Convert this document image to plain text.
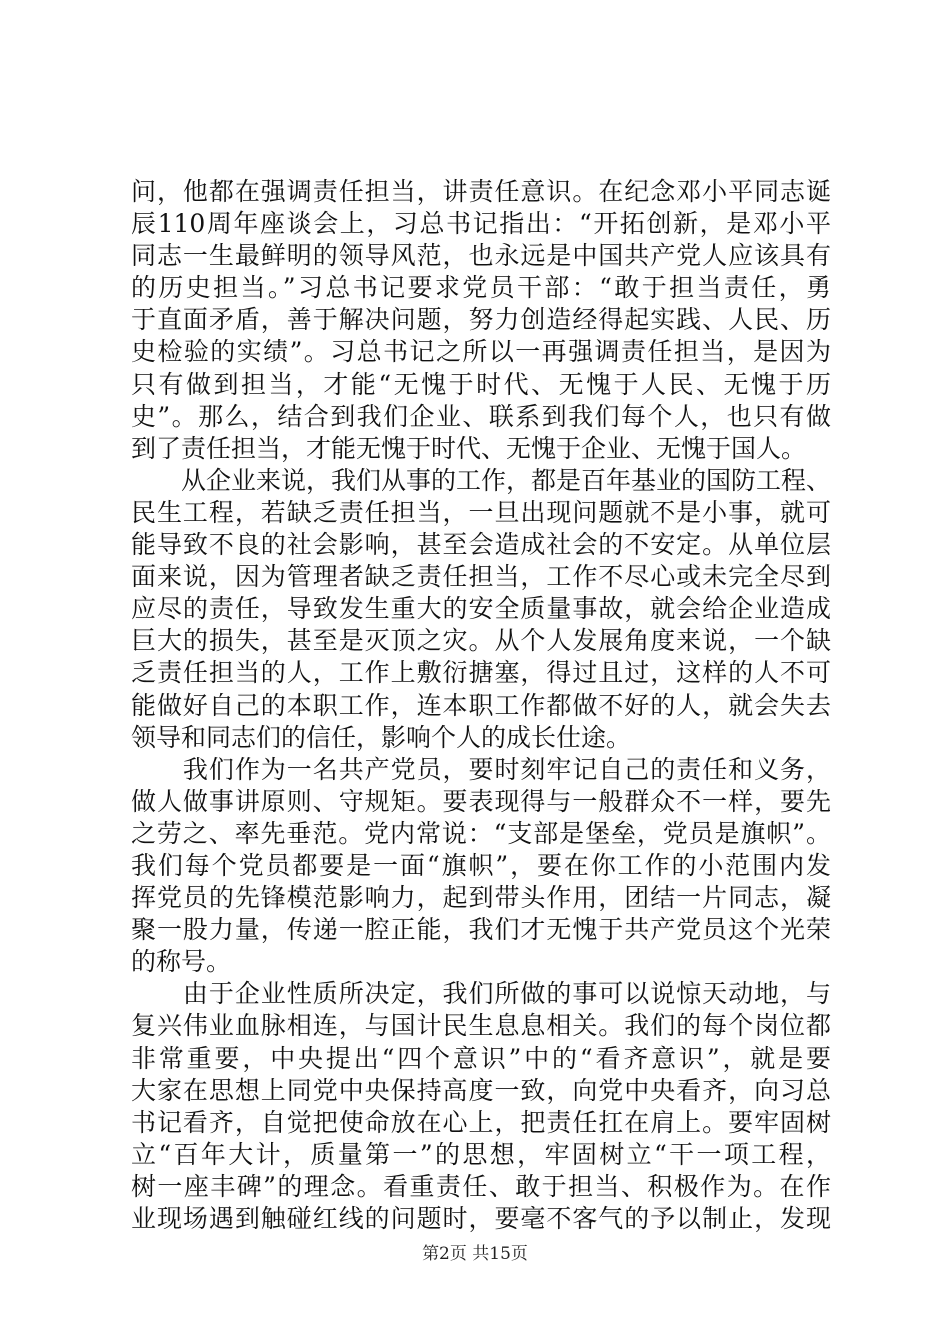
问，他都在强调责任担当，讲责任意识。在纪念邓小平同志诞
辰110周年座谈会上，习总书记指出：“开拓创新，是邓小平
同志一生最鲜明的领导风范，也永远是中国共产党人应该具有
的历史担当。”习总书记要求党员干部：“敢于担当责任，勇
于直面矛盾，善于解决问题，努力创造经得起实践、人民、历
史检验的实绩”。习总书记之所以一再强调责任担当，是因为
只有做到担当，才能“无愧于时代、无愧于人民、无愧于历
史”。那么，结合到我们企业、联系到我们每个人，也只有做
到了责任担当，才能无愧于时代、无愧于企业、无愧于国人。
　　从企业来说，我们从事的工作，都是百年基业的国防工程、
民生工程，若缺乏责任担当，一旦出现问题就不是小事，就可
能导致不良的社会影响，甚至会造成社会的不安定。从单位层
面来说，因为管理者缺乏责任担当，工作不尽心或未完全尽到
应尽的责任，导致发生重大的安全质量事故，就会给企业造成
巨大的损失，甚至是灭顶之灾。从个人发展角度来说，一个缺
乏责任担当的人，工作上敷衍搪塞，得过且过，这样的人不可
能做好自己的本职工作，连本职工作都做不好的人，就会失去
领导和同志们的信任，影响个人的成长仕途。
　　我们作为一名共产党员，要时刻牢记自己的责任和义务，
做人做事讲原则、守规矩。要表现得与一般群众不一样，要先
之劳之、率先垂范。党内常说：“支部是堡垒，党员是旗帜”。
我们每个党员都要是一面“旗帜”，要在你工作的小范围内发
挥党员的先锋模范影响力，起到带头作用，团结一片同志，凝
聚一股力量，传递一腔正能，我们才无愧于共产党员这个光荣
的称号。
　　由于企业性质所决定，我们所做的事可以说惊天动地，与
复兴伟业血脉相连，与国计民生息息相关。我们的每个岗位都
非常重要，中央提出“四个意识”中的“看齐意识”，就是要
大家在思想上同党中央保持高度一致，向党中央看齐，向习总
书记看齐，自觉把使命放在心上，把责任扛在肩上。要牢固树
立“百年大计，质量第一”的思想，牢固树立“干一项工程，
树一座丰碑”的理念。看重责任、敢于担当、积极作为。在作
业现场遇到触碰红线的问题时，要毫不客气的予以制止，发现
第2页 共15页
